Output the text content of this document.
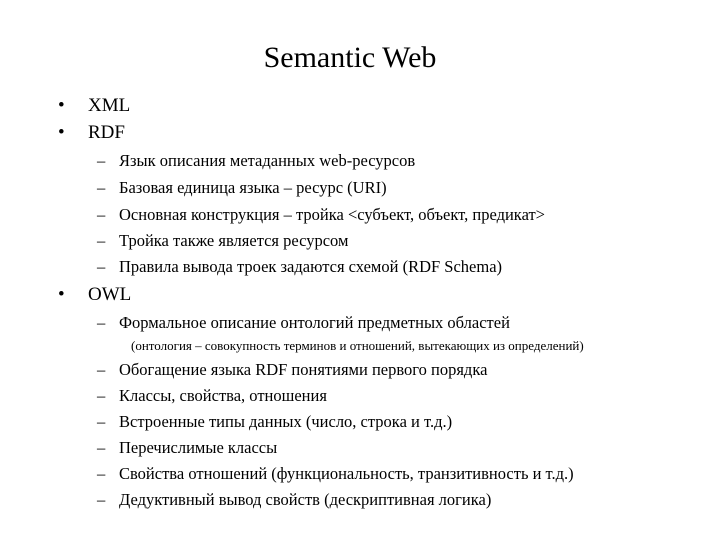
Semantic Web
• XML
• RDF
– Язык описания метаданных web-ресурсов
– Базовая единица языка – ресурс (URI)
– Основная конструкция – тройка <субъект, объект, предикат>
– Тройка также является ресурсом
– Правила вывода троек задаются схемой (RDF Schema)
• OWL
– Формальное описание онтологий предметных областей
(онтология – совокупность терминов и отношений, вытекающих из определений)
– Обогащение языка RDF понятиями первого порядка
– Классы, свойства, отношения
– Встроенные типы данных (число, строка и т.д.)
– Перечислимые классы
– Свойства отношений (функциональность, транзитивность и т.д.)
– Дедуктивный вывод свойств (дескриптивная логика)
